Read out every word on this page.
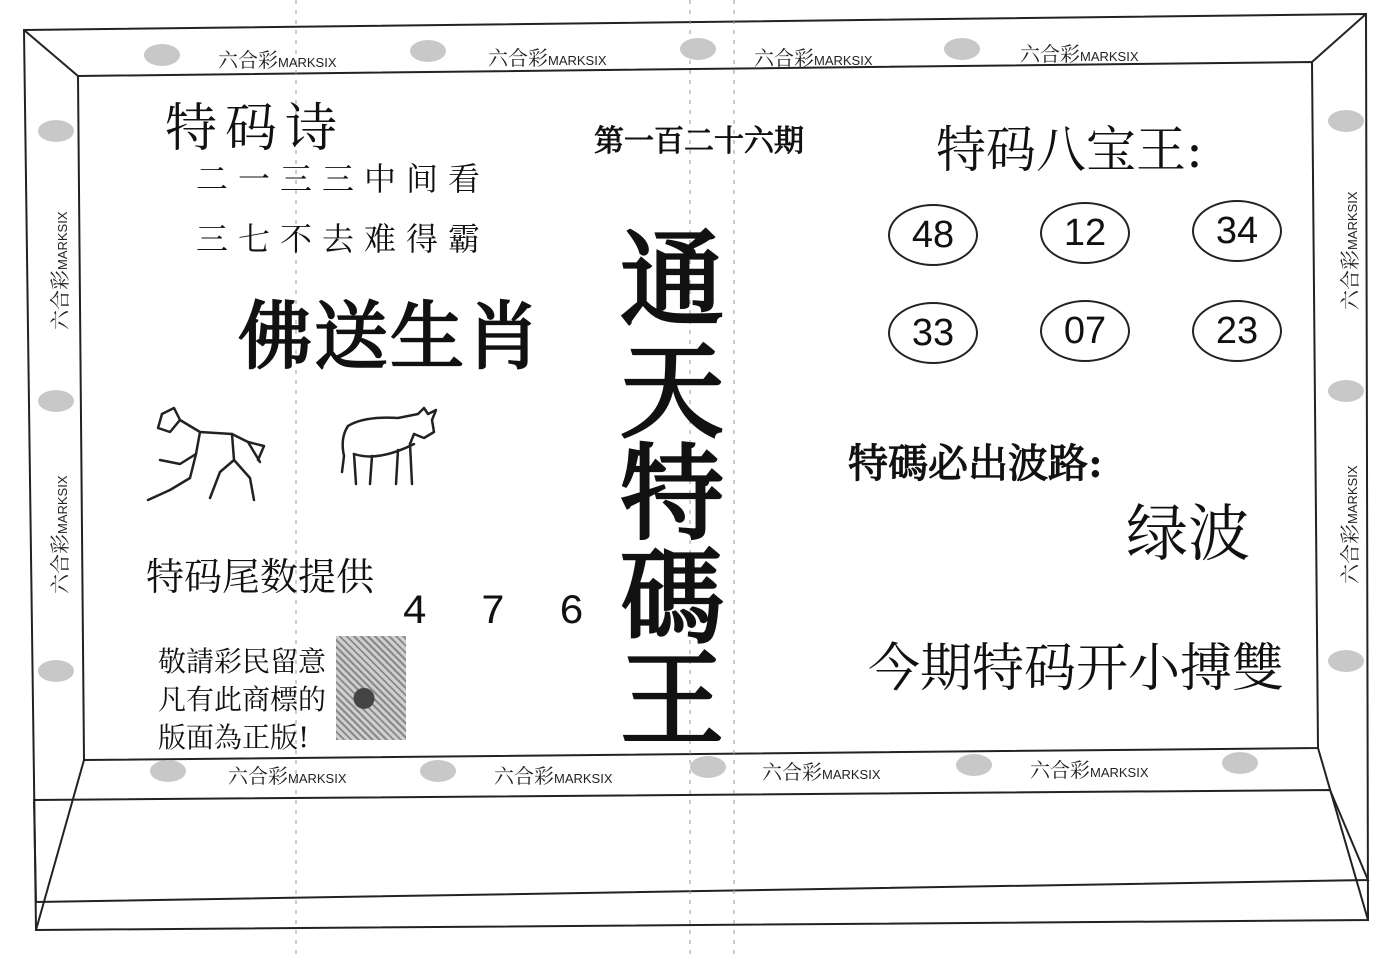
六合彩MARKSIX	六合彩MARKSIX	六合彩MARKSIX	六合彩MARKSIX
六合彩MARKSIX	六合彩MARKSIX	六合彩MARKSIX	六合彩MARKSIX
六合彩MARKSIX
六合彩MARKSIX
六合彩MARKSIX
六合彩MARKSIX
特码诗
二一三三中间看
三七不去难得霸
佛送生肖
特码尾数提供
4 7 6
敬請彩民留意
凡有此商標的
版面為正版!
第一百二十六期
通
天
特
碼
王
特码八宝王:
48	12	34
33	07	23
特碼必出波路:
绿波
今期特码开小搏雙
